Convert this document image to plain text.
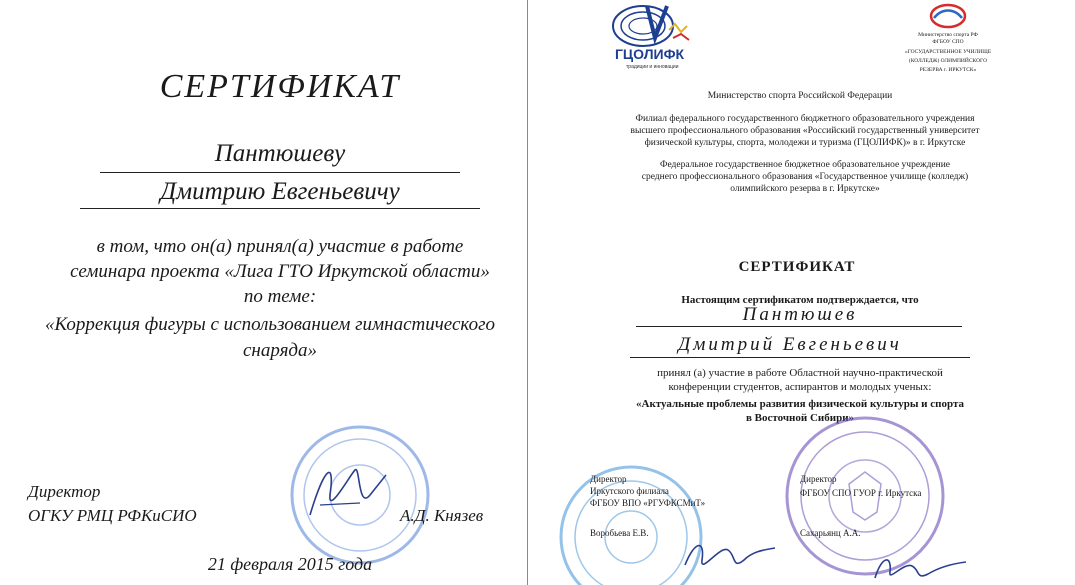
СЕРТИФИКАТ
Пантюшеву
Дмитрию Евгеньевичу
в том, что он(а) принял(а) участие в работе
семинара проекта «Лига ГТО Иркутской области»
по теме:
«Коррекция фигуры с использованием гимнастического
снаряда»
Директор
ОГКУ РМЦ РФКиСИО	А.Д. Князев
21 февраля 2015 года
ГЦОЛИФК
традиции и инновации
Министерство спорта РФ
ФГБОУ СПО
«ГОСУДАРСТВЕННОЕ УЧИЛИЩЕ
(КОЛЛЕДЖ) ОЛИМПИЙСКОГО
РЕЗЕРВА г. ИРКУТСК»
Министерство спорта Российской Федерации
Филиал федерального государственного бюджетного образовательного учреждения
высшего профессионального образования «Российский государственный университет
физической культуры, спорта, молодежи и туризма (ГЦОЛИФК)» в г. Иркутске
Федеральное государственное бюджетное образовательное учреждение
среднего профессионального образования «Государственное училище (колледж)
олимпийского резерва в г. Иркутске»
СЕРТИФИКАТ
Настоящим сертификатом подтверждается, что
Пантюшев
Дмитрий Евгеньевич
принял (а) участие в работе Областной научно-практической
конференции студентов, аспирантов и молодых ученых:
«Актуальные проблемы развития физической культуры и спорта
в Восточной Сибири»
Директор
Иркутского филиала
ФГБОУ ВПО «РГУФКСМиТ»
Воробьева Е.В.
Директор
ФГБОУ СПО ГУОР г. Иркутска
Сахарьянц А.А.
